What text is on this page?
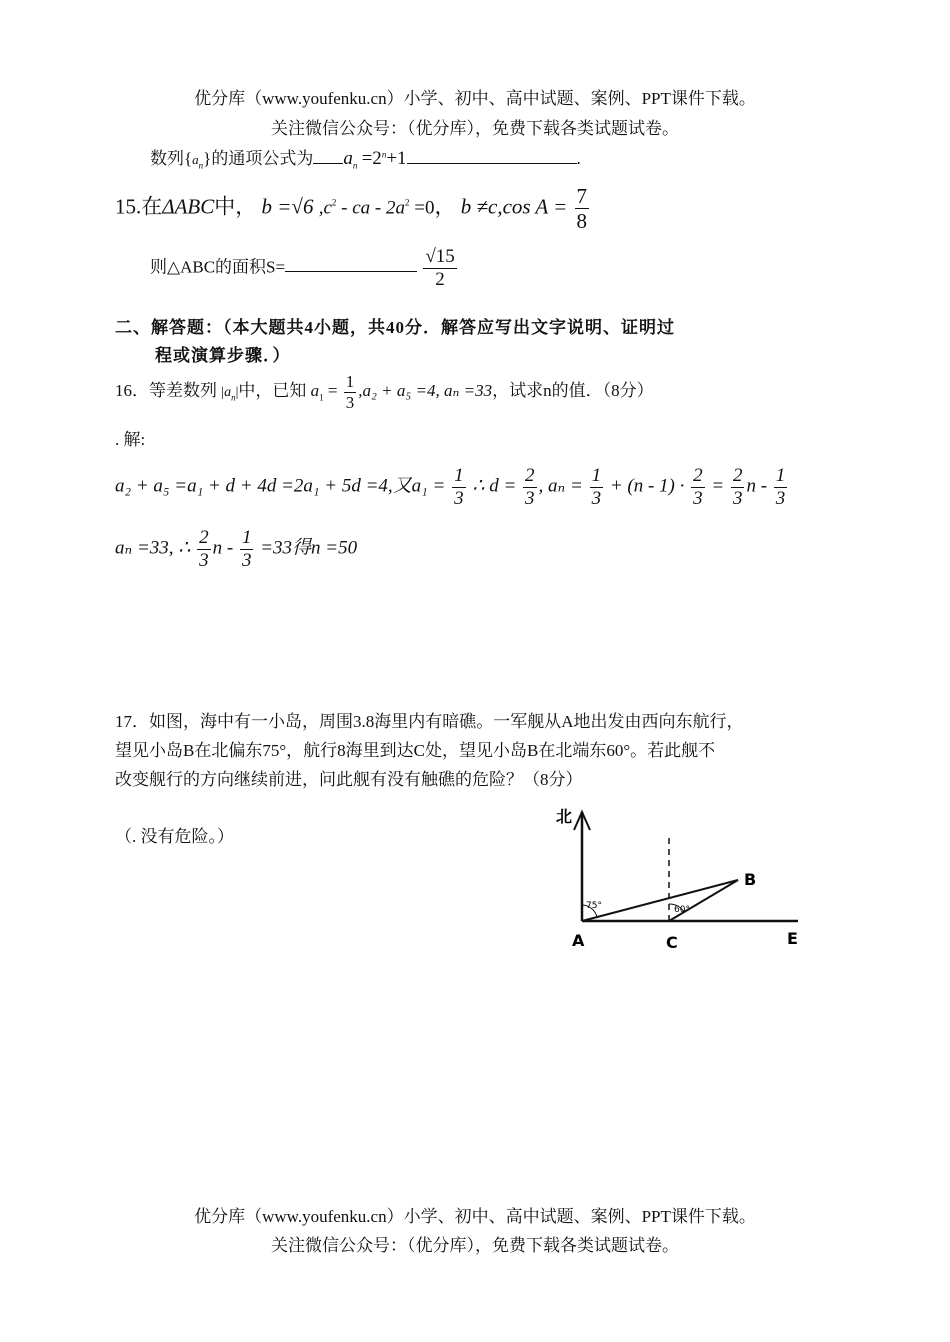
优分库（www.youfenku.cn）小学、初中、高中试题、案例、PPT课件下载。
关注微信公众号：（优分库），免费下载各类试题试卷。
数列$\{a_n\}$的通项公式为 $a_n =2^n+1$	.
15.在ΔABC中， b =√6 $,c^2$ - ca - $2a^2 =0$， b ≠c,cos $A = \frac{7}{8}$
则△ABC的面积S=	$\frac{√15}{2}$
二、解答题：（本大题共4小题，共40分．解答应写出文字说明、证明过
程或演算步骤．）
16．等差数列 $|a_n|$中，已知 $a_1 = \frac{1}{3} ,a_2 + a_5 =4$, aₙ =33，试求n的值．（8分）
. 解:
a₂ + a₅ =a₁ + d + 4d =2a₁ + 5d =4,又$a_1 = \frac{1}{3}$ ∴ $d = \frac{2}{3}$ , $a_n = \frac{1}{3} + (n - 1) \cdot \frac{2}{3} = \frac{2}{3}$ n - $\frac{1}{3}$
aₙ =33, ∴ $\frac{2}{3}$ $n - \frac{1}{3} =33$得n =50
17．如图，海中有一小岛，周围3.8海里内有暗礁。一军舰从A地出发由西向东航行，
望见小岛B在北偏东75°，航行8海里到达C处，望见小岛B在北端东60°。若此舰不
改变舰行的方向继续前进，问此舰有没有触礁的危险？（8分）
（. 没有危险。）
北
75°	60°
A	C	E
B
优分库（www.youfenku.cn）小学、初中、高中试题、案例、PPT课件下载。
关注微信公众号：（优分库），免费下载各类试题试卷。
